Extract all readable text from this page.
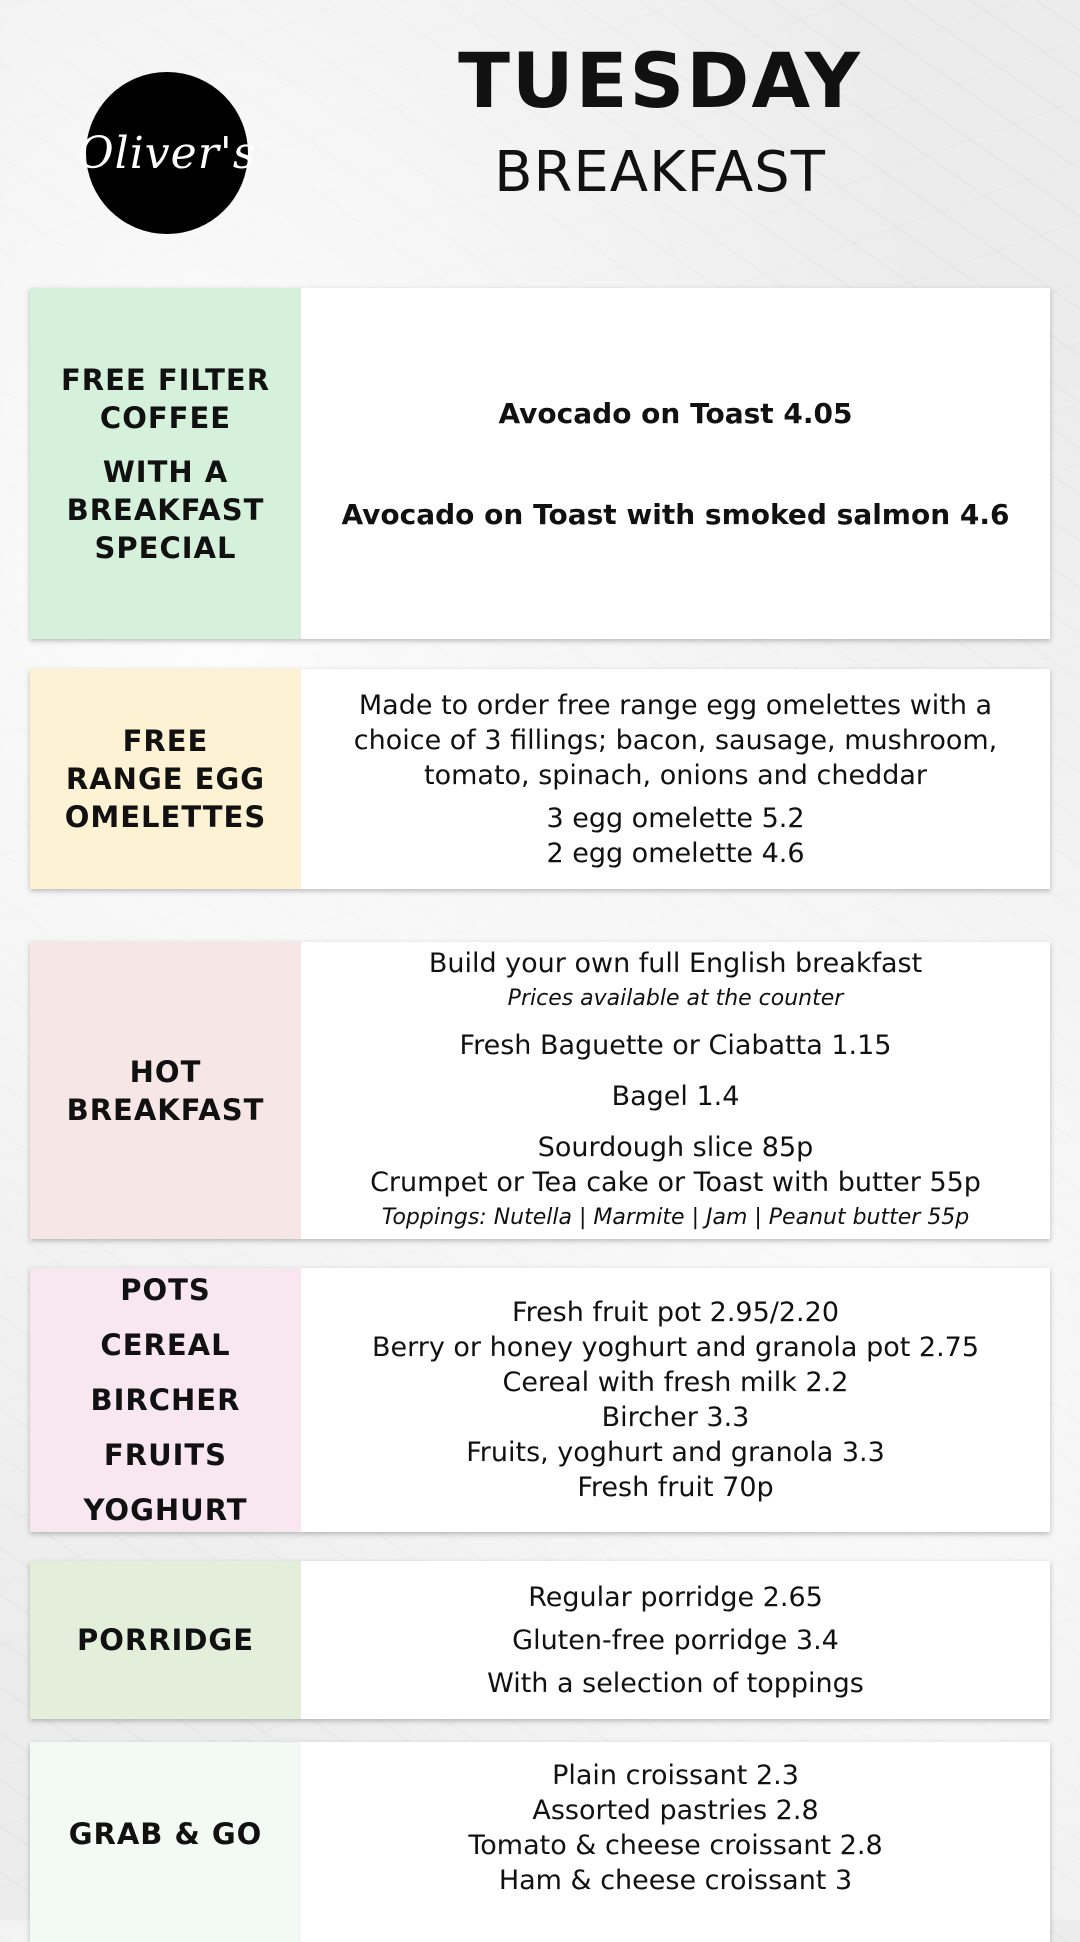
Oliver's
TUESDAY
BREAKFAST
FREE FILTER COFFEE
WITH A BREAKFAST SPECIAL
Avocado on Toast 4.05
Avocado on Toast with smoked salmon 4.6
FREE RANGE EGG OMELETTES
Made to order free range egg omelettes with a choice of 3 fillings; bacon, sausage, mushroom, tomato, spinach, onions and cheddar
3 egg omelette 5.2
2 egg omelette 4.6
HOT BREAKFAST
Build your own full English breakfast
Prices available at the counter
Fresh Baguette or Ciabatta 1.15
Bagel 1.4
Sourdough slice 85p
Crumpet or Tea cake or Toast with butter 55p
Toppings: Nutella | Marmite | Jam | Peanut butter 55p
POTS
CEREAL
BIRCHER
FRUITS
YOGHURT
Fresh fruit pot 2.95/2.20
Berry or honey yoghurt and granola pot 2.75
Cereal with fresh milk 2.2
Bircher 3.3
Fruits, yoghurt and granola 3.3
Fresh fruit 70p
PORRIDGE
Regular porridge 2.65
Gluten-free porridge 3.4
With a selection of toppings
GRAB & GO
Plain croissant 2.3
Assorted pastries 2.8
Tomato & cheese croissant 2.8
Ham & cheese croissant 3
